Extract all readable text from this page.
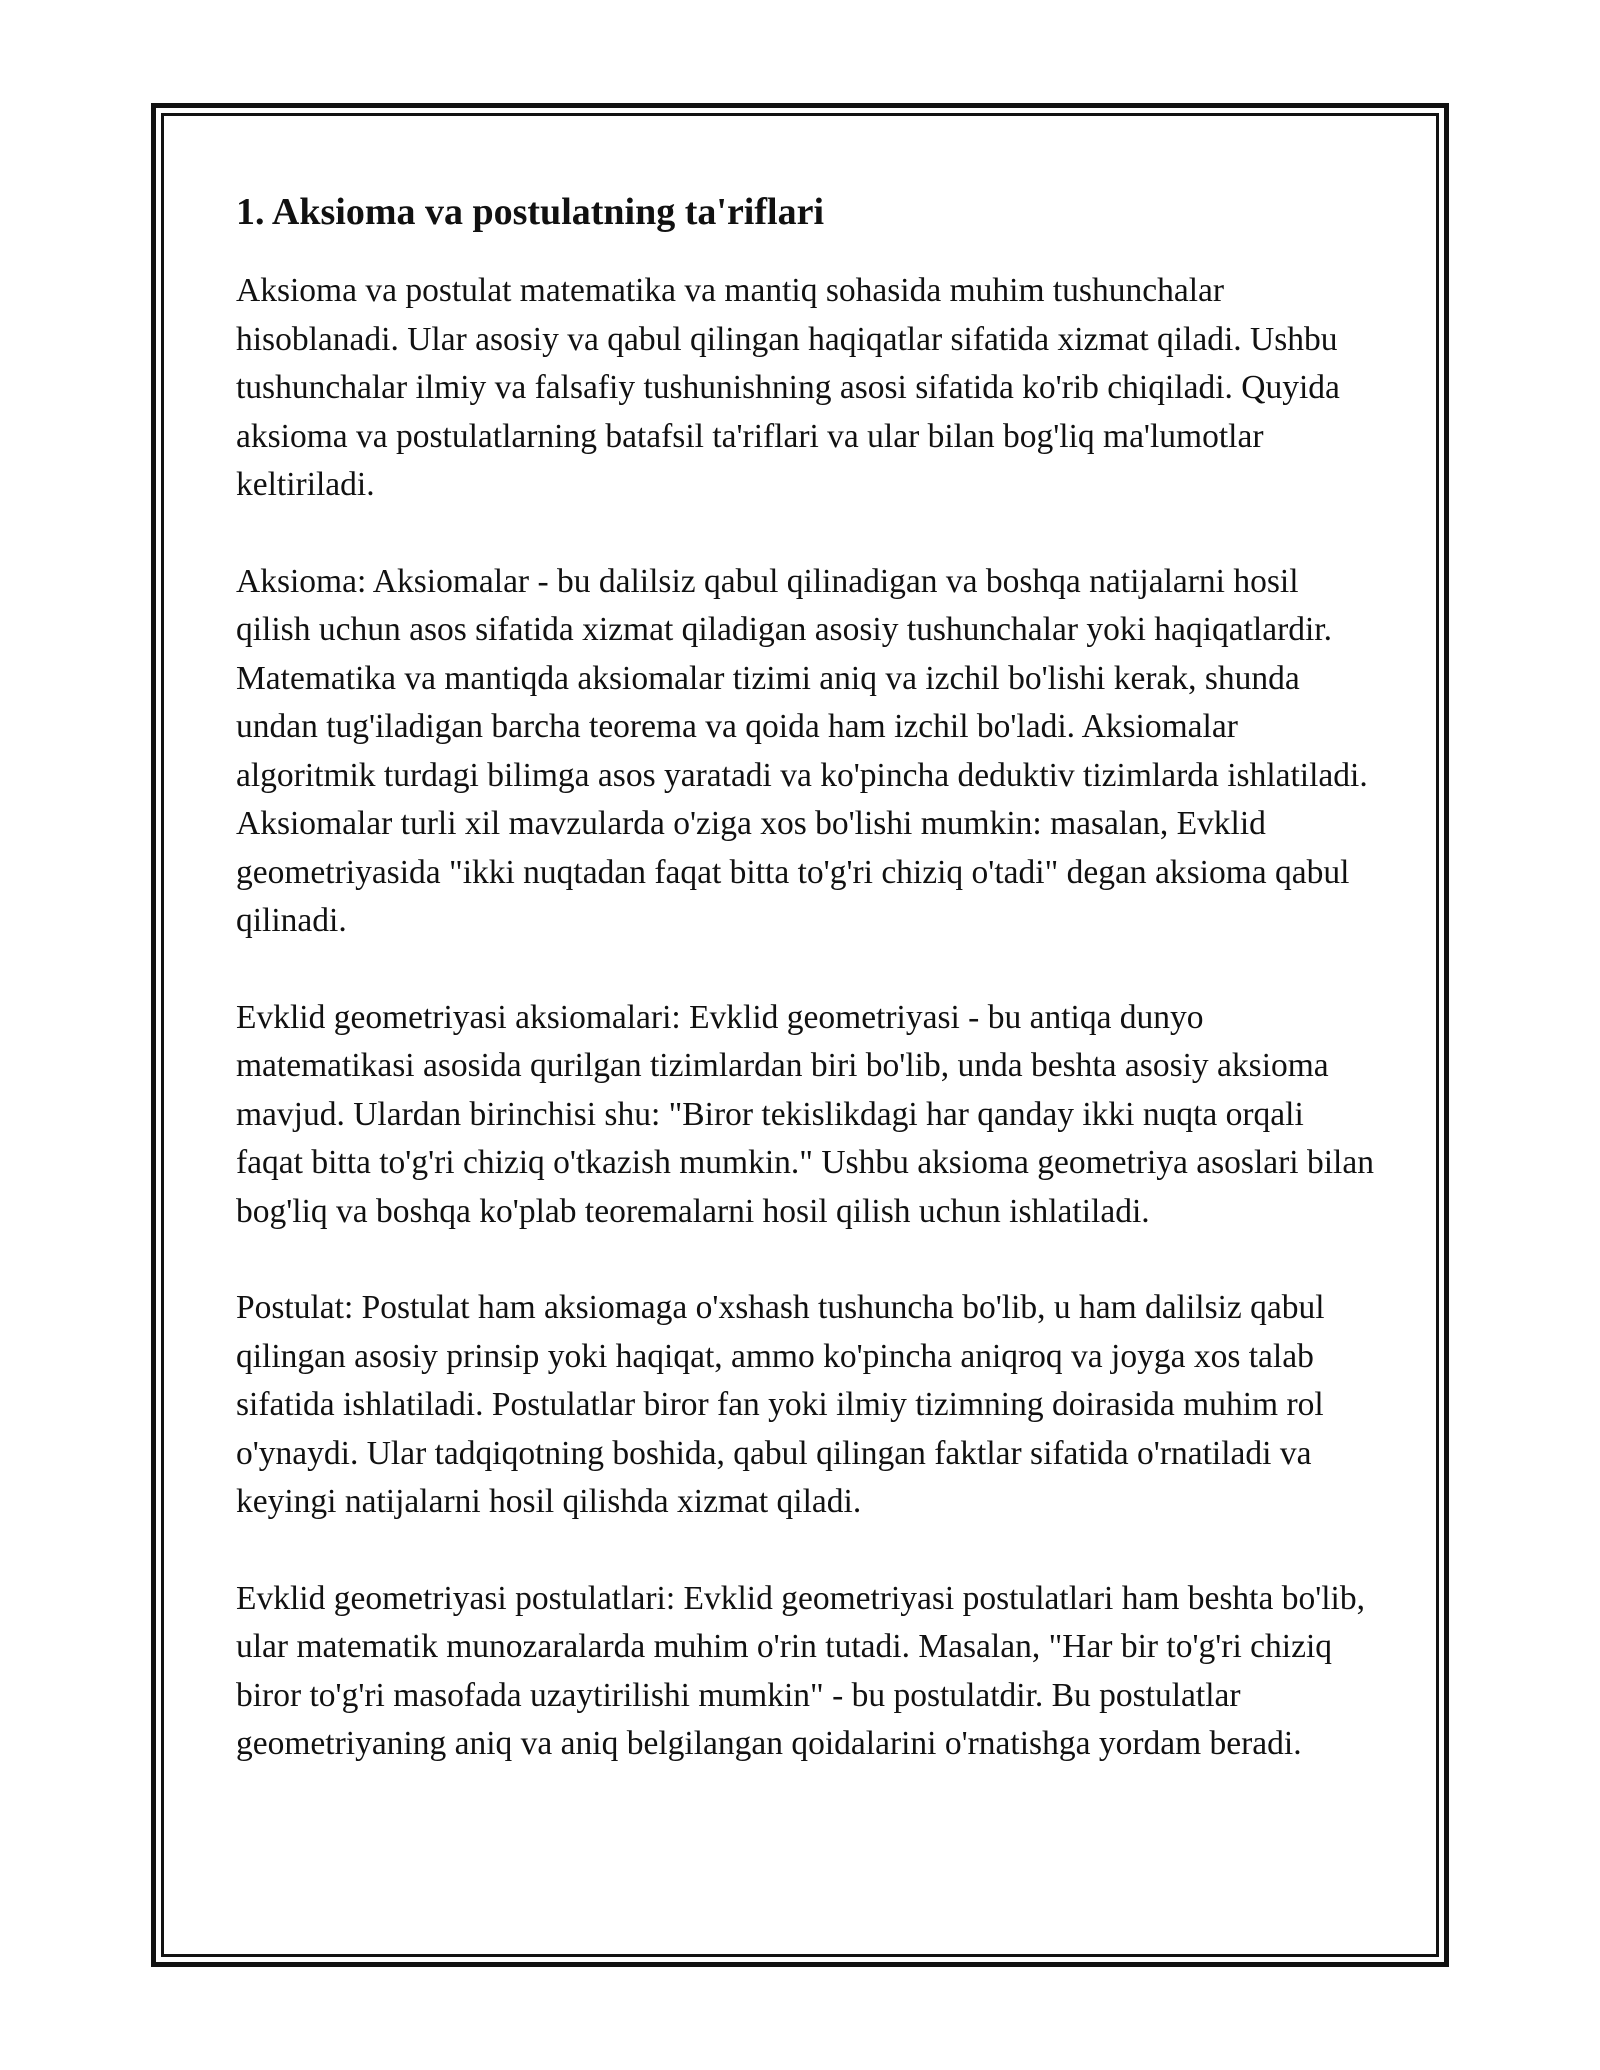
1. Aksioma va postulatning ta'riflari

Aksioma va postulat matematika va mantiq sohasida muhim tushunchalar hisoblanadi. Ular asosiy va qabul qilingan haqiqatlar sifatida xizmat qiladi. Ushbu tushunchalar ilmiy va falsafiy tushunishning asosi sifatida ko'rib chiqiladi. Quyida aksioma va postulatlarning batafsil ta'riflari va ular bilan bog'liq ma'lumotlar keltiriladi.

Aksioma: Aksiomalar - bu dalilsiz qabul qilinadigan va boshqa natijalarni hosil qilish uchun asos sifatida xizmat qiladigan asosiy tushunchalar yoki haqiqatlardir. Matematika va mantiqda aksiomalar tizimi aniq va izchil bo'lishi kerak, shunda undan tug'iladigan barcha teorema va qoida ham izchil bo'ladi. Aksiomalar algoritmik turdagi bilimga asos yaratadi va ko'pincha deduktiv tizimlarda ishlatiladi. Aksiomalar turli xil mavzularda o'ziga xos bo'lishi mumkin: masalan, Evklid geometriyasida "ikki nuqtadan faqat bitta to'g'ri chiziq o'tadi" degan aksioma qabul qilinadi.

Evklid geometriyasi aksiomalari: Evklid geometriyasi - bu antiqa dunyo matematikasi asosida qurilgan tizimlardan biri bo'lib, unda beshta asosiy aksioma mavjud. Ulardan birinchisi shu: "Biror tekislikdagi har qanday ikki nuqta orqali faqat bitta to'g'ri chiziq o'tkazish mumkin." Ushbu aksioma geometriya asoslari bilan bog'liq va boshqa ko'plab teoremalarni hosil qilish uchun ishlatiladi.

Postulat: Postulat ham aksiomaga o'xshash tushuncha bo'lib, u ham dalilsiz qabul qilingan asosiy prinsip yoki haqiqat, ammo ko'pincha aniqroq va joyga xos talab sifatida ishlatiladi. Postulatlar biror fan yoki ilmiy tizimning doirasida muhim rol o'ynaydi. Ular tadqiqotning boshida, qabul qilingan faktlar sifatida o'rnatiladi va keyingi natijalarni hosil qilishda xizmat qiladi.

Evklid geometriyasi postulatlari: Evklid geometriyasi postulatlari ham beshta bo'lib, ular matematik munozaralarda muhim o'rin tutadi. Masalan, "Har bir to'g'ri chiziq biror to'g'ri masofada uzaytirilishi mumkin" - bu postulatdir. Bu postulatlar geometriyaning aniq va aniq belgilangan qoidalarini o'rnatishga yordam beradi.
